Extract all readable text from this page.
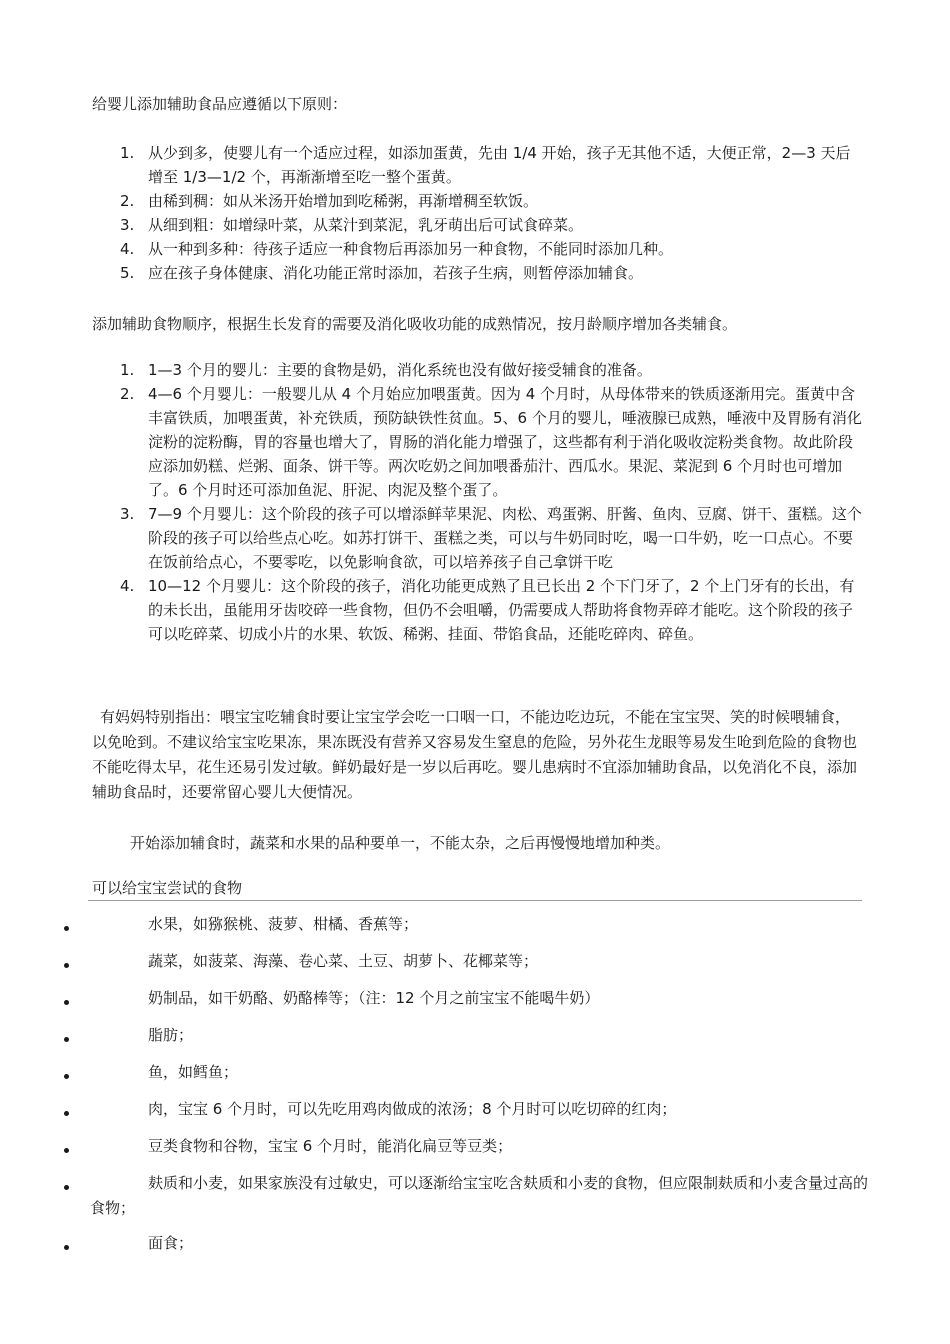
给婴儿添加辅助食品应遵循以下原则：

1. 从少到多，使婴儿有一个适应过程，如添加蛋黄，先由 1/4 开始，孩子无其他不适，大便正常，2—3 天后增至 1/3—1/2 个，再渐渐增至吃一整个蛋黄。
2. 由稀到稠：如从米汤开始增加到吃稀粥，再渐增稠至软饭。
3. 从细到粗：如增绿叶菜，从菜汁到菜泥，乳牙萌出后可试食碎菜。
4. 从一种到多种：待孩子适应一种食物后再添加另一种食物，不能同时添加几种。
5. 应在孩子身体健康、消化功能正常时添加，若孩子生病，则暂停添加辅食。

添加辅助食物顺序，根据生长发育的需要及消化吸收功能的成熟情况，按月龄顺序增加各类辅食。

1. 1—3 个月的婴儿：主要的食物是奶，消化系统也没有做好接受辅食的准备。
2. 4—6 个月婴儿：一般婴儿从 4 个月始应加喂蛋黄。因为 4 个月时，从母体带来的铁质逐渐用完。蛋黄中含丰富铁质，加喂蛋黄，补充铁质，预防缺铁性贫血。5、6 个月的婴儿，唾液腺已成熟，唾液中及胃肠有消化淀粉的淀粉酶，胃的容量也增大了，胃肠的消化能力增强了，这些都有利于消化吸收淀粉类食物。故此阶段应添加奶糕、烂粥、面条、饼干等。两次吃奶之间加喂番茄汁、西瓜水。果泥、菜泥到 6 个月时也可增加了。6 个月时还可添加鱼泥、肝泥、肉泥及整个蛋了。
3. 7—9 个月婴儿：这个阶段的孩子可以增添鲜苹果泥、肉松、鸡蛋粥、肝酱、鱼肉、豆腐、饼干、蛋糕。这个阶段的孩子可以给些点心吃。如苏打饼干、蛋糕之类，可以与牛奶同时吃，喝一口牛奶，吃一口点心。不要在饭前给点心，不要零吃，以免影响食欲，可以培养孩子自己拿饼干吃
4. 10—12 个月婴儿：这个阶段的孩子，消化功能更成熟了且已长出 2 个下门牙了，2 个上门牙有的长出，有的未长出，虽能用牙齿咬碎一些食物，但仍不会咀嚼，仍需要成人帮助将食物弄碎才能吃。这个阶段的孩子可以吃碎菜、切成小片的水果、软饭、稀粥、挂面、带馅食品，还能吃碎肉、碎鱼。

有妈妈特别指出：喂宝宝吃辅食时要让宝宝学会吃一口咽一口，不能边吃边玩，不能在宝宝哭、笑的时候喂辅食，以免呛到。不建议给宝宝吃果冻，果冻既没有营养又容易发生窒息的危险，另外花生龙眼等易发生呛到危险的食物也不能吃得太早，花生还易引发过敏。鲜奶最好是一岁以后再吃。婴儿患病时不宜添加辅助食品，以免消化不良，添加辅助食品时，还要常留心婴儿大便情况。

开始添加辅食时，蔬菜和水果的品种要单一，不能太杂，之后再慢慢地增加种类。

可以给宝宝尝试的食物

水果，如猕猴桃、菠萝、柑橘、香蕉等；
蔬菜，如菠菜、海藻、卷心菜、土豆、胡萝卜、花椰菜等；
奶制品，如干奶酪、奶酪棒等；（注：12 个月之前宝宝不能喝牛奶）
脂肪；
鱼，如鳕鱼；
肉，宝宝 6 个月时，可以先吃用鸡肉做成的浓汤；8 个月时可以吃切碎的红肉；
豆类食物和谷物，宝宝 6 个月时，能消化扁豆等豆类；
麸质和小麦，如果家族没有过敏史，可以逐渐给宝宝吃含麸质和小麦的食物，但应限制麸质和小麦含量过高的食物；
面食；
